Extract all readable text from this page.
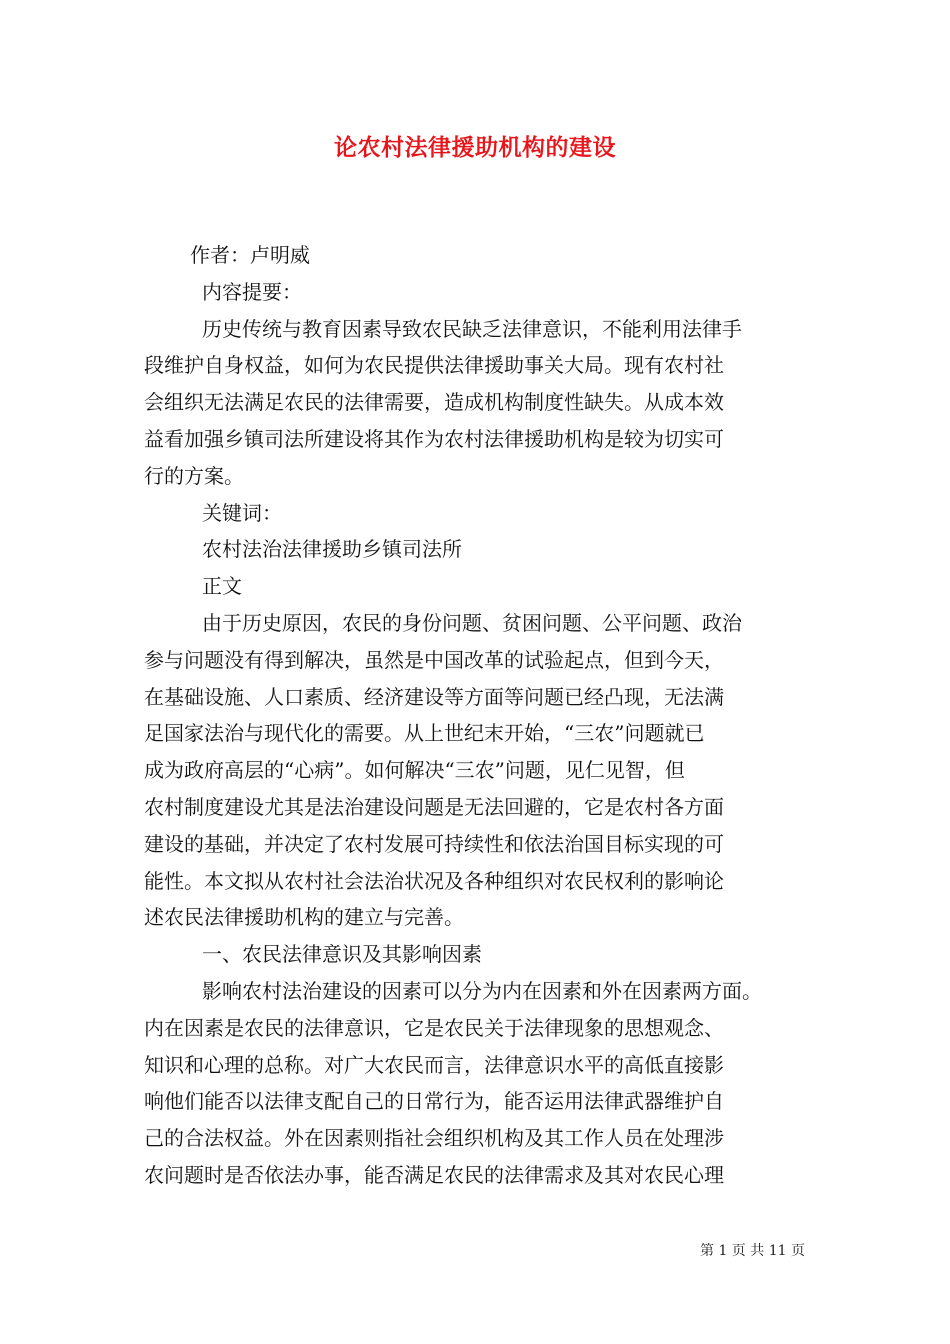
论农村法律援助机构的建设

作者：卢明威

内容提要：

历史传统与教育因素导致农民缺乏法律意识，不能利用法律手

段维护自身权益，如何为农民提供法律援助事关大局。现有农村社

会组织无法满足农民的法律需要，造成机构制度性缺失。从成本效

益看加强乡镇司法所建设将其作为农村法律援助机构是较为切实可

行的方案。

关键词：

农村法治法律援助乡镇司法所

正文

由于历史原因，农民的身份问题、贫困问题、公平问题、政治

参与问题没有得到解决，虽然是中国改革的试验起点，但到今天，

在基础设施、人口素质、经济建设等方面等问题已经凸现，无法满

足国家法治与现代化的需要。从上世纪末开始，“三农”问题就已

成为政府高层的“心病”。如何解决“三农”问题，见仁见智，但

农村制度建设尤其是法治建设问题是无法回避的，它是农村各方面

建设的基础，并决定了农村发展可持续性和依法治国目标实现的可

能性。本文拟从农村社会法治状况及各种组织对农民权利的影响论

述农民法律援助机构的建立与完善。

一、农民法律意识及其影响因素

影响农村法治建设的因素可以分为内在因素和外在因素两方面。

内在因素是农民的法律意识，它是农民关于法律现象的思想观念、

知识和心理的总称。对广大农民而言，法律意识水平的高低直接影

响他们能否以法律支配自己的日常行为，能否运用法律武器维护自

己的合法权益。外在因素则指社会组织机构及其工作人员在处理涉

农问题时是否依法办事，能否满足农民的法律需求及其对农民心理

第 1 页 共 11 页
